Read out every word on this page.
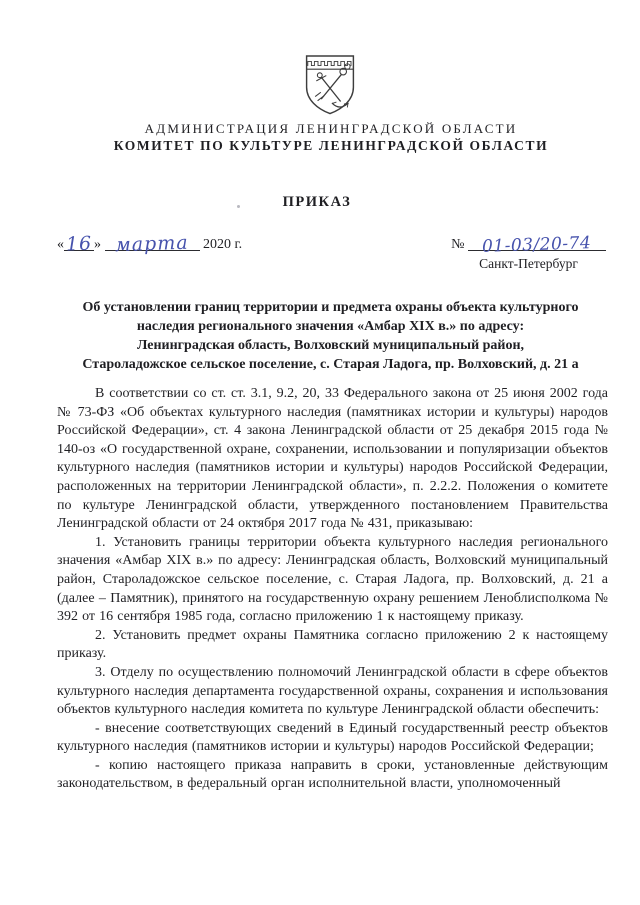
АДМИНИСТРАЦИЯ ЛЕНИНГРАДСКОЙ ОБЛАСТИ
КОМИТЕТ ПО КУЛЬТУРЕ ЛЕНИНГРАДСКОЙ ОБЛАСТИ
ПРИКАЗ
«16 » марта 2020 г.	№ 01-03/20-74
Санкт-Петербург
Об установлении границ территории и предмета охраны объекта культурного
наследия регионального значения «Амбар XIX в.» по адресу:
Ленинградская область, Волховский муниципальный район,
Староладожское сельское поселение, с. Старая Ладога, пр. Волховский, д. 21 а

В соответствии со ст. ст. 3.1, 9.2, 20, 33 Федерального закона от 25 июня 2002 года № 73-ФЗ «Об объектах культурного наследия (памятниках истории и культуры) народов Российской Федерации», ст. 4 закона Ленинградской области от 25 декабря 2015 года № 140-оз «О государственной охране, сохранении, использовании и популяризации объектов культурного наследия (памятников истории и культуры) народов Российской Федерации, расположенных на территории Ленинградской области», п. 2.2.2. Положения о комитете по культуре Ленинградской области, утвержденного постановлением Правительства Ленинградской области от 24 октября 2017 года № 431, приказываю:

1. Установить границы территории объекта культурного наследия регионального значения «Амбар XIX в.» по адресу: Ленинградская область, Волховский муниципальный район, Староладожское сельское поселение, с. Старая Ладога, пр. Волховский, д. 21 а (далее – Памятник), принятого на государственную охрану решением Леноблисполкома № 392 от 16 сентября 1985 года, согласно приложению 1 к настоящему приказу.

2. Установить предмет охраны Памятника согласно приложению 2 к настоящему приказу.

3. Отделу по осуществлению полномочий Ленинградской области в сфере объектов культурного наследия департамента государственной охраны, сохранения и использования объектов культурного наследия комитета по культуре Ленинградской области обеспечить:

- внесение соответствующих сведений в Единый государственный реестр объектов культурного наследия (памятников истории и культуры) народов Российской Федерации;

- копию настоящего приказа направить в сроки, установленные действующим законодательством, в федеральный орган исполнительной власти, уполномоченный
